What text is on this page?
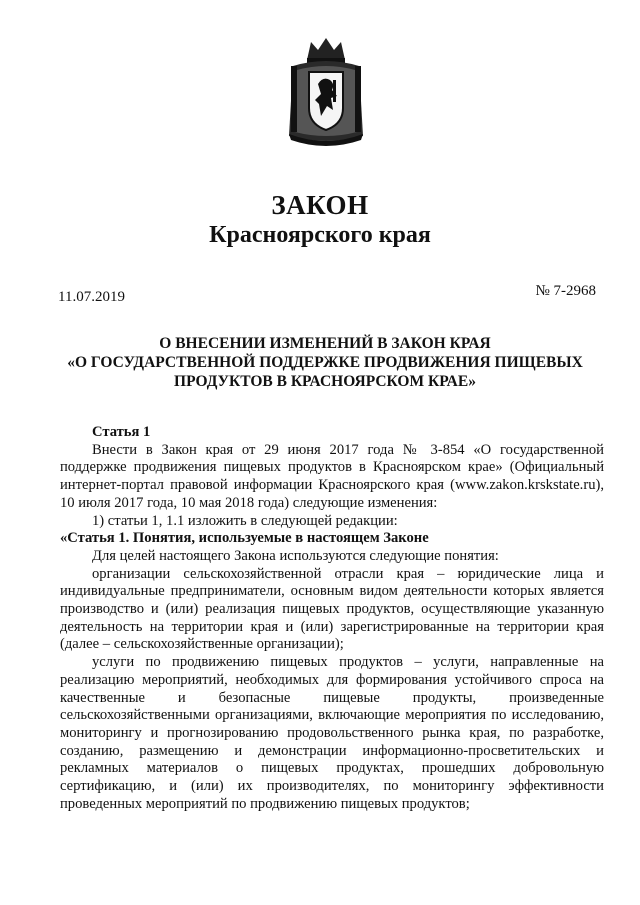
ЗАКОН
Красноярского края
11.07.2019	№ 7-2968
О ВНЕСЕНИИ ИЗМЕНЕНИЙ В ЗАКОН КРАЯ
«О ГОСУДАРСТВЕННОЙ ПОДДЕРЖКЕ ПРОДВИЖЕНИЯ ПИЩЕВЫХ
ПРОДУКТОВ В КРАСНОЯРСКОМ КРАЕ»

Статья 1

Внести в Закон края от 29 июня 2017 года № 3-854 «О государственной поддержке продвижения пищевых продуктов в Красноярском крае» (Официальный интернет-портал правовой информации Красноярского края (www.zakon.krskstate.ru), 10 июля 2017 года, 10 мая 2018 года) следующие изменения:

1) статьи 1, 1.1 изложить в следующей редакции:

«Статья 1. Понятия, используемые в настоящем Законе

Для целей настоящего Закона используются следующие понятия:

организации сельскохозяйственной отрасли края – юридические лица и индивидуальные предприниматели, основным видом деятельности которых является производство и (или) реализация пищевых продуктов, осуществляющие указанную деятельность на территории края и (или) зарегистрированные на территории края (далее – сельскохозяйственные организации);

услуги по продвижению пищевых продуктов – услуги, направленные на реализацию мероприятий, необходимых для формирования устойчивого спроса на качественные и безопасные пищевые продукты, произведенные сельскохозяйственными организациями, включающие мероприятия по исследованию, мониторингу и прогнозированию продовольственного рынка края, по разработке, созданию, размещению и демонстрации информационно-просветительских и рекламных материалов о пищевых продуктах, прошедших добровольную сертификацию, и (или) их производителях, по мониторингу эффективности проведенных мероприятий по продвижению пищевых продуктов;
